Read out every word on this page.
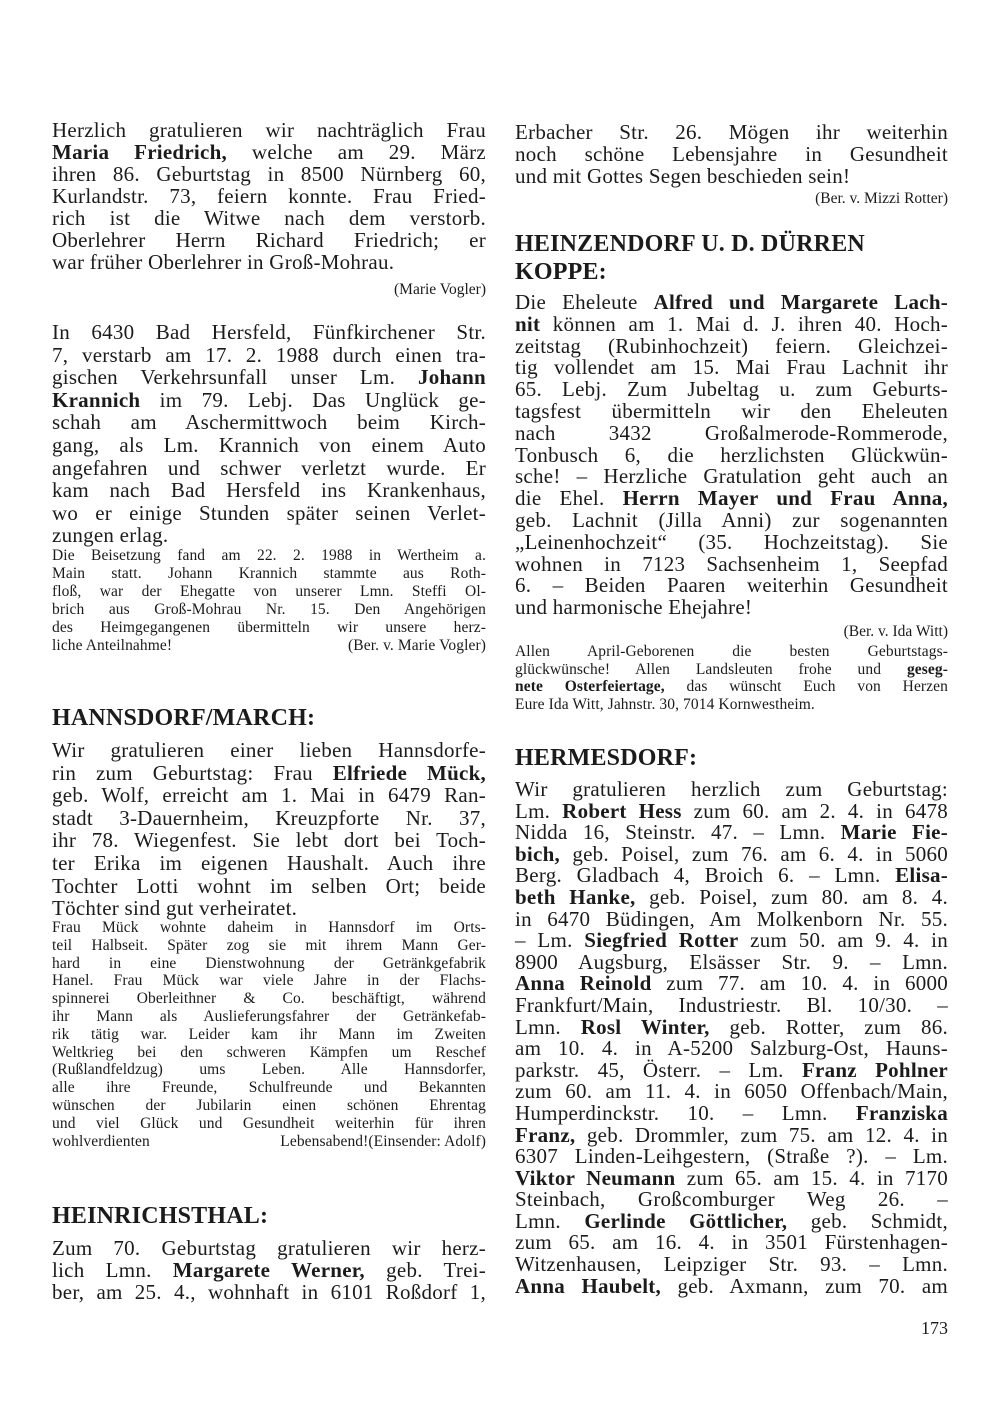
Herzlich gratulieren wir nachträglich Frau
Maria Friedrich, welche am 29. März
ihren 86. Geburtstag in 8500 Nürnberg 60,
Kurlandstr. 73, feiern konnte. Frau Fried-
rich ist die Witwe nach dem verstorb.
Oberlehrer Herrn Richard Friedrich; er
war früher Oberlehrer in Groß-Mohrau.
(Marie Vogler)
In 6430 Bad Hersfeld, Fünfkirchener Str.
7, verstarb am 17. 2. 1988 durch einen tra-
gischen Verkehrsunfall unser Lm. Johann
Krannich im 79. Lebj. Das Unglück ge-
schah am Aschermittwoch beim Kirch-
gang, als Lm. Krannich von einem Auto
angefahren und schwer verletzt wurde. Er
kam nach Bad Hersfeld ins Krankenhaus,
wo er einige Stunden später seinen Verlet-
zungen erlag.
Die Beisetzung fand am 22. 2. 1988 in Wertheim a.
Main statt. Johann Krannich stammte aus Roth-
floß, war der Ehegatte von unserer Lmn. Steffi Ol-
brich aus Groß-Mohrau Nr. 15. Den Angehörigen
des Heimgegangenen übermitteln wir unsere herz-
liche Anteilnahme!	(Ber. v. Marie Vogler)
HANNSDORF/MARCH:
Wir gratulieren einer lieben Hannsdorfe-
rin zum Geburtstag: Frau Elfriede Mück,
geb. Wolf, erreicht am 1. Mai in 6479 Ran-
stadt 3-Dauernheim, Kreuzpforte Nr. 37,
ihr 78. Wiegenfest. Sie lebt dort bei Toch-
ter Erika im eigenen Haushalt. Auch ihre
Tochter Lotti wohnt im selben Ort; beide
Töchter sind gut verheiratet.
Frau Mück wohnte daheim in Hannsdorf im Orts-
teil Halbseit. Später zog sie mit ihrem Mann Ger-
hard in eine Dienstwohnung der Getränkgefabrik
Hanel. Frau Mück war viele Jahre in der Flachs-
spinnerei Oberleithner & Co. beschäftigt, während
ihr Mann als Auslieferungsfahrer der Getränkefab-
rik tätig war. Leider kam ihr Mann im Zweiten
Weltkrieg bei den schweren Kämpfen um Reschef
(Rußlandfeldzug) ums Leben. Alle Hannsdorfer,
alle ihre Freunde, Schulfreunde und Bekannten
wünschen der Jubilarin einen schönen Ehrentag
und viel Glück und Gesundheit weiterhin für ihren
wohlverdienten Lebensabend! (Einsender: Adolf)
HEINRICHSTHAL:
Zum 70. Geburtstag gratulieren wir herz-
lich Lmn. Margarete Werner, geb. Trei-
ber, am 25. 4., wohnhaft in 6101 Roßdorf 1,
Erbacher Str. 26. Mögen ihr weiterhin
noch schöne Lebensjahre in Gesundheit
und mit Gottes Segen beschieden sein!
(Ber. v. Mizzi Rotter)
HEINZENDORF U. D. DÜRREN
KOPPE:
Die Eheleute Alfred und Margarete Lach-
nit können am 1. Mai d. J. ihren 40. Hoch-
zeitstag (Rubinhochzeit) feiern. Gleichzei-
tig vollendet am 15. Mai Frau Lachnit ihr
65. Lebj. Zum Jubeltag u. zum Geburts-
tagsfest übermitteln wir den Eheleuten
nach 3432 Großalmerode-Rommerode,
Tonbusch 6, die herzlichsten Glückwün-
sche! – Herzliche Gratulation geht auch an
die Ehel. Herrn Mayer und Frau Anna,
geb. Lachnit (Jilla Anni) zur sogenannten
„Leinenhochzeit“ (35. Hochzeitstag). Sie
wohnen in 7123 Sachsenheim 1, Seepfad
6. – Beiden Paaren weiterhin Gesundheit
und harmonische Ehejahre!
(Ber. v. Ida Witt)
Allen April-Geborenen die besten Geburtstags-
glückwünsche! Allen Landsleuten frohe und geseg-
nete Osterfeiertage, das wünscht Euch von Herzen
Eure Ida Witt, Jahnstr. 30, 7014 Kornwestheim.
HERMESDORF:
Wir gratulieren herzlich zum Geburtstag:
Lm. Robert Hess zum 60. am 2. 4. in 6478
Nidda 16, Steinstr. 47. – Lmn. Marie Fie-
bich, geb. Poisel, zum 76. am 6. 4. in 5060
Berg. Gladbach 4, Broich 6. – Lmn. Elisa-
beth Hanke, geb. Poisel, zum 80. am 8. 4.
in 6470 Büdingen, Am Molkenborn Nr. 55.
– Lm. Siegfried Rotter zum 50. am 9. 4. in
8900 Augsburg, Elsässer Str. 9. – Lmn.
Anna Reinold zum 77. am 10. 4. in 6000
Frankfurt/Main, Industriestr. Bl. 10/30. –
Lmn. Rosl Winter, geb. Rotter, zum 86.
am 10. 4. in A-5200 Salzburg-Ost, Hauns-
parkstr. 45, Österr. – Lm. Franz Pohlner
zum 60. am 11. 4. in 6050 Offenbach/Main,
Humperdinckstr. 10. – Lmn. Franziska
Franz, geb. Drommler, zum 75. am 12. 4. in
6307 Linden-Leihgestern, (Straße ?). – Lm.
Viktor Neumann zum 65. am 15. 4. in 7170
Steinbach, Großcomburger Weg 26. –
Lmn. Gerlinde Göttlicher, geb. Schmidt,
zum 65. am 16. 4. in 3501 Fürstenhagen-
Witzenhausen, Leipziger Str. 93. – Lmn.
Anna Haubelt, geb. Axmann, zum 70. am
173
